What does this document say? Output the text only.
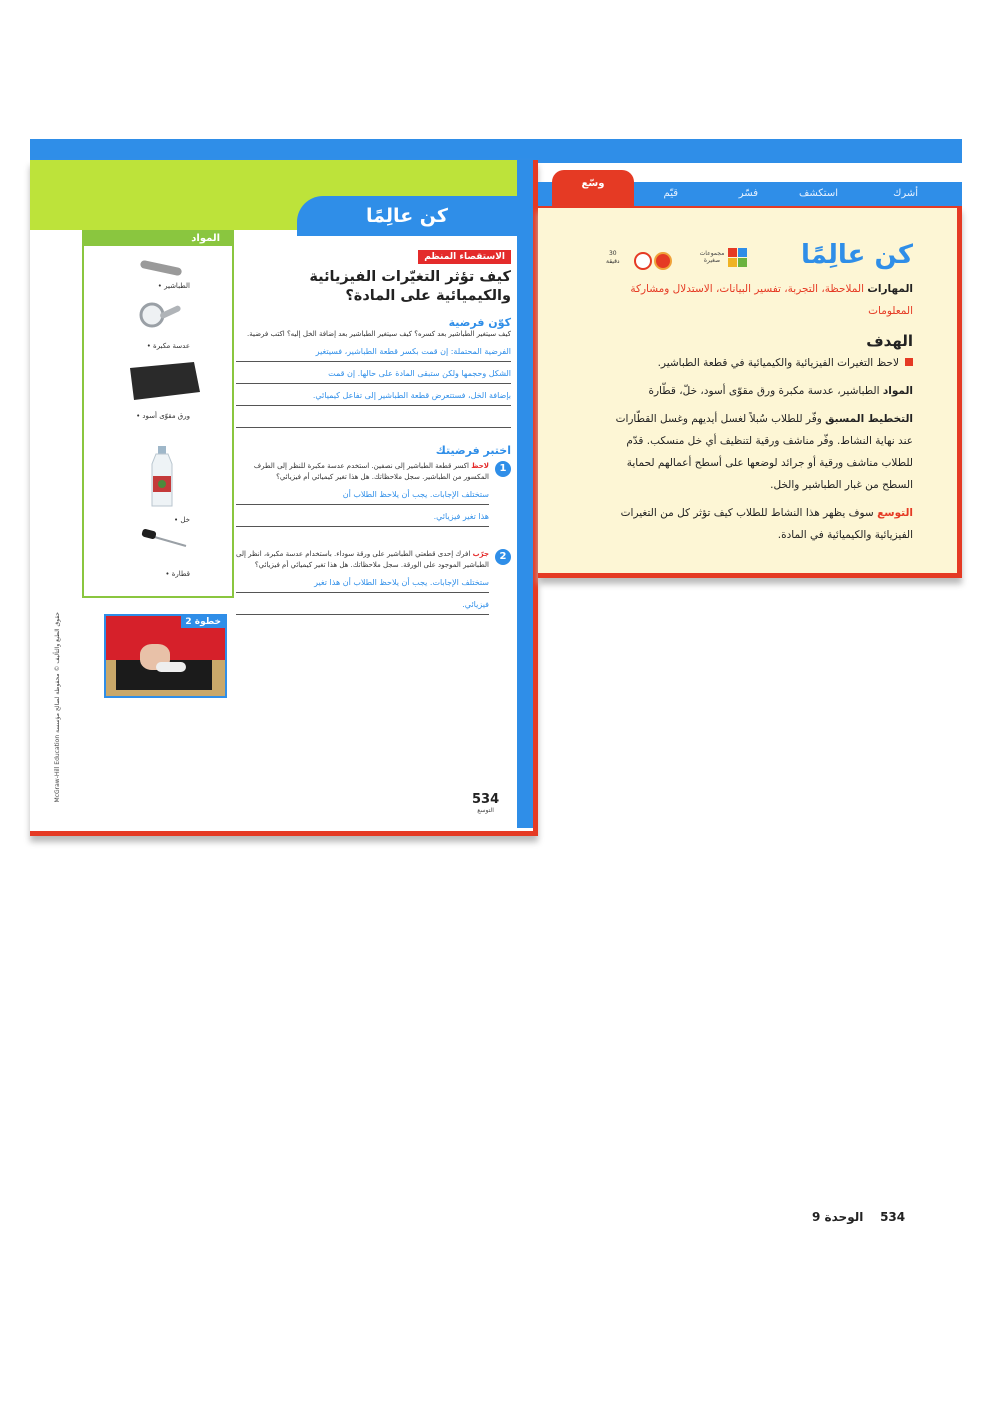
كن عالِمًا
المواد
الطباشير •
عدسة مكبرة •
ورق مقوّى أسود •
خل •
قطارة •
الاستقصاء المنظم
كيف تؤثر التغيّرات الفيزيائية
والكيميائية على المادة؟
كوّن فرضية
كيف سيتغير الطباشير بعد كسره؟ كيف سيتغير الطباشير بعد إضافة الخل إليه؟ اكتب فرضية.
الفرضية المحتملة: إن قمت بكسر قطعة الطباشير، فسيتغير
الشكل وحجمها ولكن ستبقى المادة على حالها. إن قمت
بإضافة الخل، فستتعرض قطعة الطباشير إلى تفاعل كيميائي.
اختبر فرضيتك
1
لاحظ اكسر قطعة الطباشير إلى نصفين. استخدم عدسة مكبرة للنظر إلى الطرف المكسور من الطباشير. سجل ملاحظاتك. هل هذا تغير كيميائي أم فيزيائي؟
ستختلف الإجابات. يجب أن يلاحظ الطلاب أن
هذا تغير فيزيائي.
2
جرّب افرك إحدى قطعتي الطباشير على ورقة سوداء. باستخدام عدسة مكبرة، انظر إلى الطباشير الموجود على الورقة. سجل ملاحظاتك. هل هذا تغير كيميائي أم فيزيائي؟
ستختلف الإجابات. يجب أن يلاحظ الطلاب أن هذا تغير
فيزيائي.
خطوة 2
حقوق الطبع والتأليف © محفوظة لصالح مؤسسة McGraw-Hill Education
534
التوسع
أشرك
استكشف
فسّر
قيّم
وسّع
كن عالِمًا
مجموعات صغيرة
30
دقيقة
المهارات الملاحظة، التجربة، تفسير البيانات، الاستدلال ومشاركة المعلومات
الهدف
لاحظ التغيرات الفيزيائية والكيميائية في قطعة الطباشير.
المواد الطباشير، عدسة مكبرة ورق مقوّى أسود، خلّ، قطّارة
التخطيط المسبق وفّر للطلاب سُبلاً لغسل أيديهم وغسل القطّارات عند نهاية النشاط. وفّر مناشف ورقية لتنظيف أي خل منسكب. قدّم للطلاب مناشف ورقية أو جرائد لوضعها على أسطح أعمالهم لحماية السطح من غبار الطباشير والخل.
التوسع سوف يظهر هذا النشاط للطلاب كيف تؤثر كل من التغيرات الفيزيائية والكيميائية في المادة.
534    الوحدة 9
